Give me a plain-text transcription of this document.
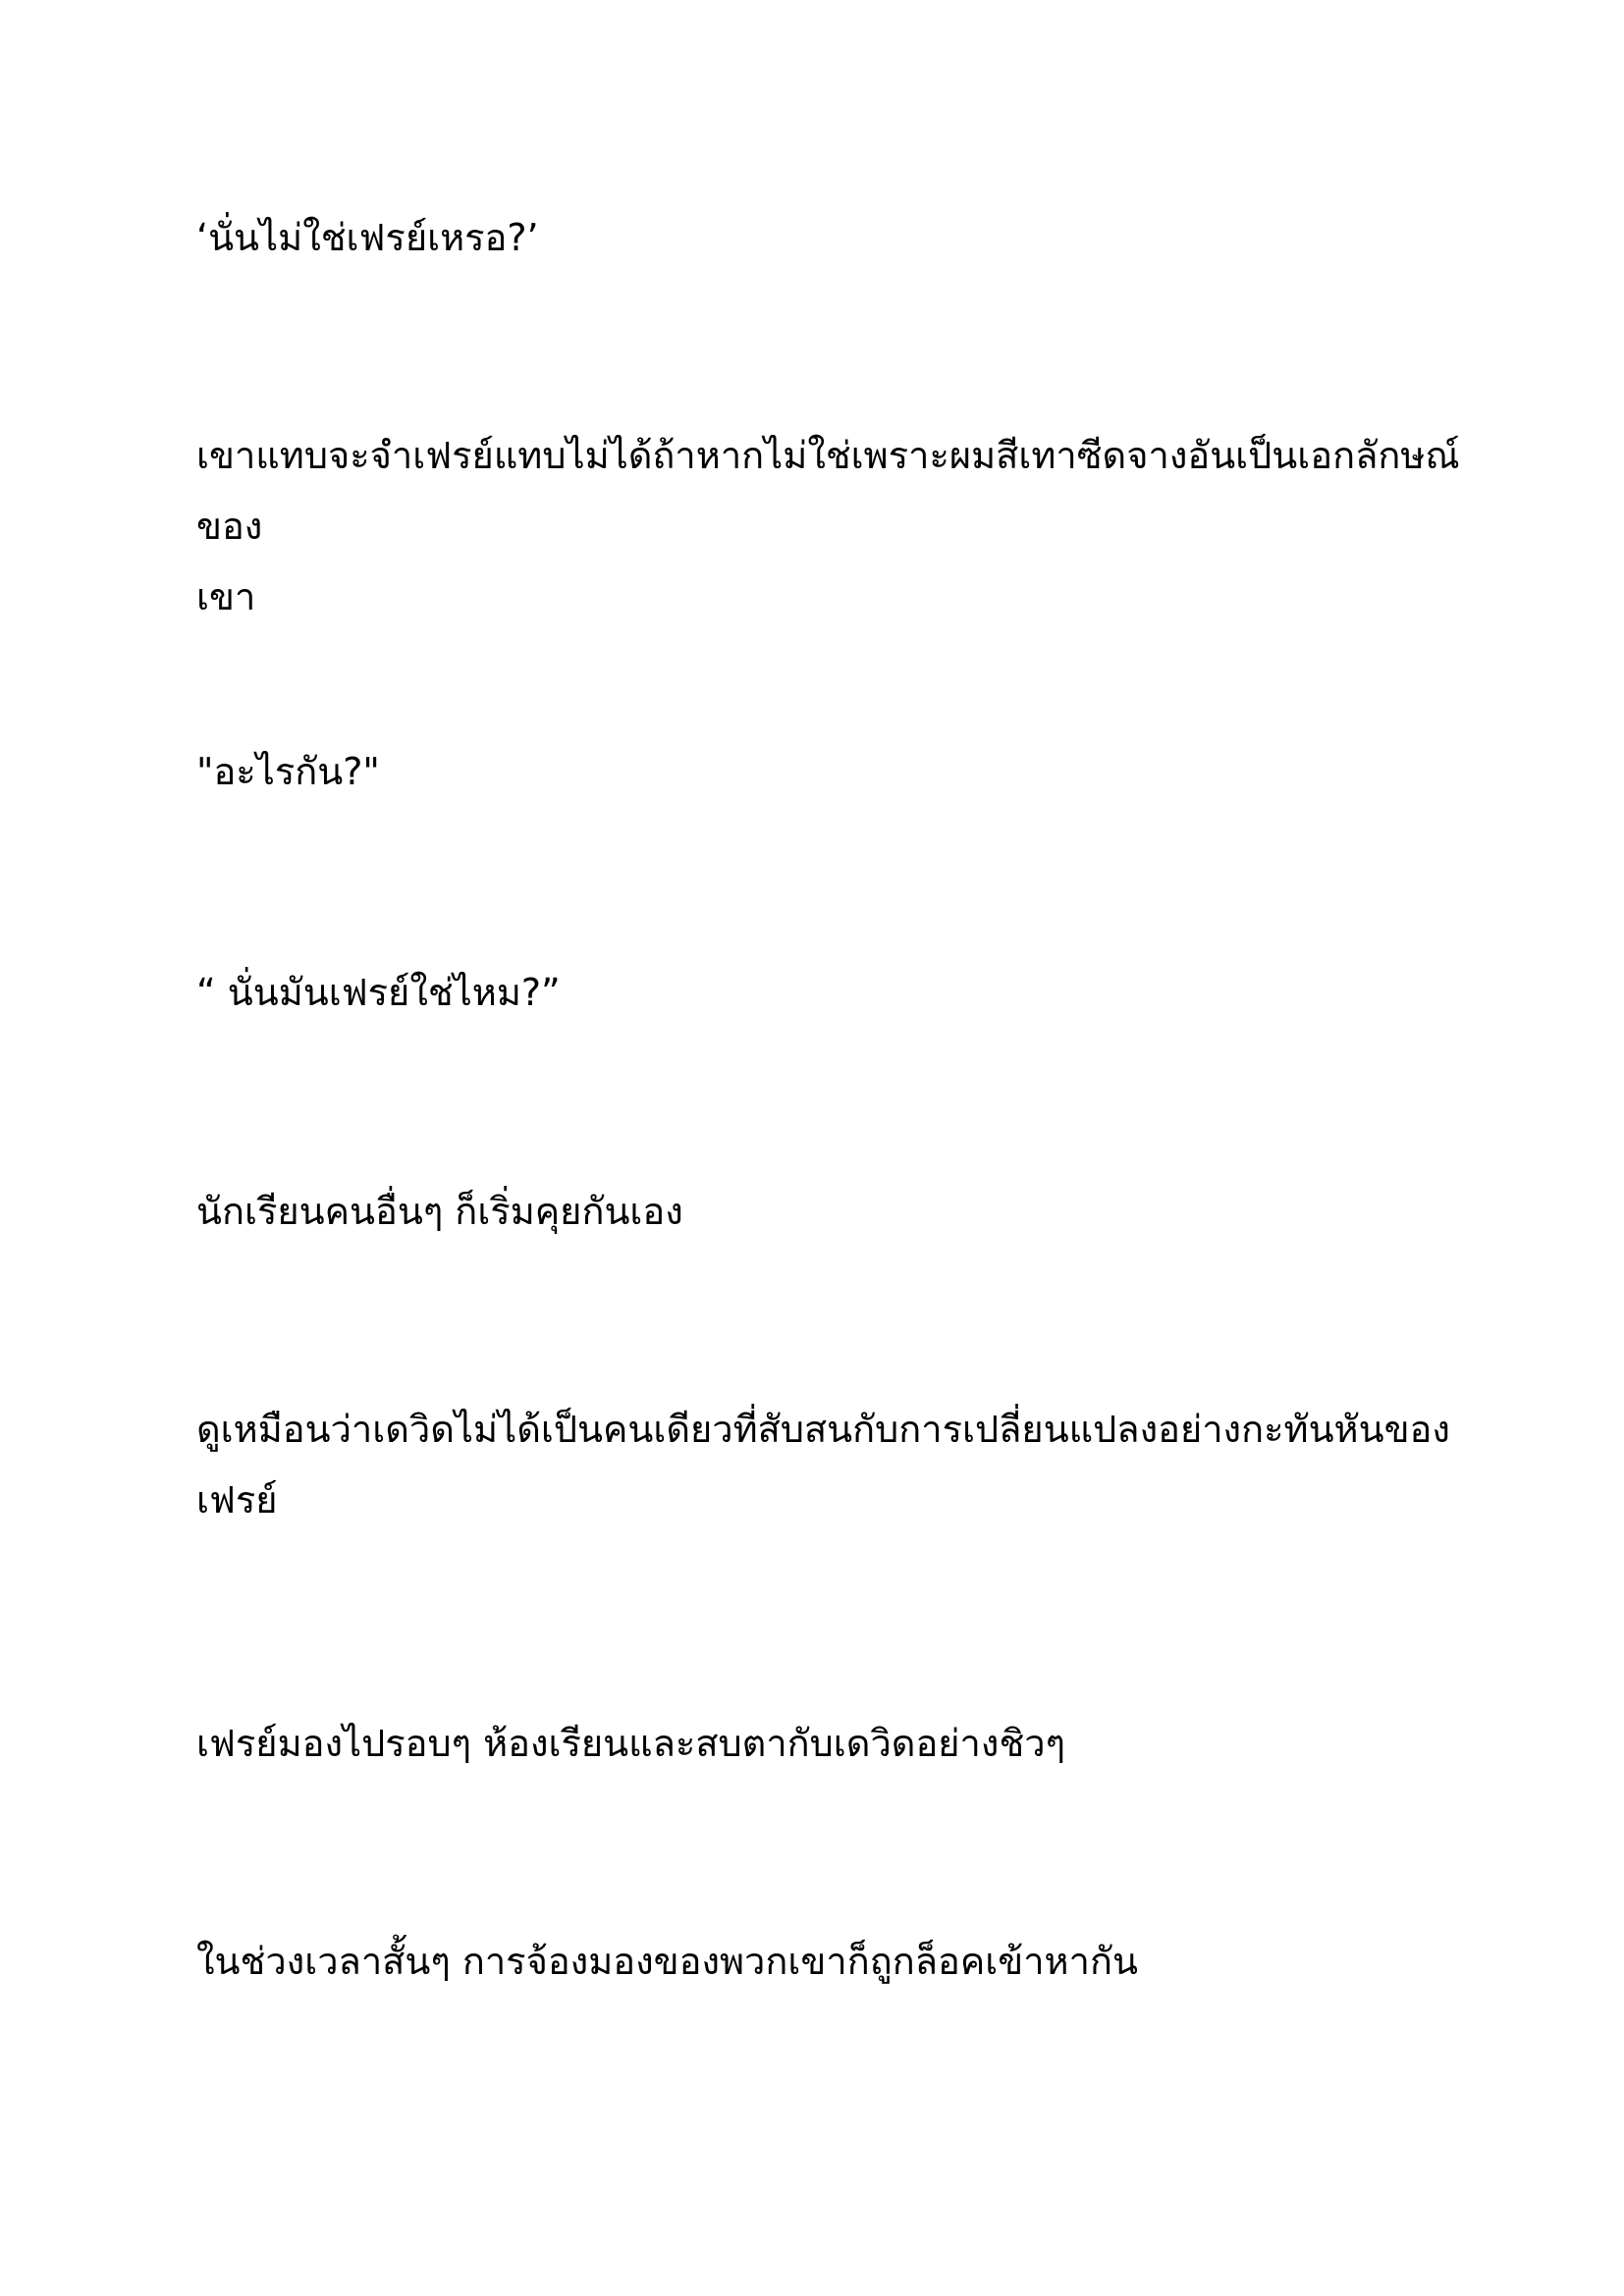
‘นั่นไม่ใช่เฟรย์เหรอ?’

เขาแทบจะจำเฟรย์แทบไม่ได้ถ้าหากไม่ใช่เพราะผมสีเทาซีดจางอันเป็นเอกลักษณ์ของ
เขา

"อะไรกัน?"

“ นั่นมันเฟรย์ใช่ไหม?”

นักเรียนคนอื่นๆ ก็เริ่มคุยกันเอง

ดูเหมือนว่าเดวิดไม่ได้เป็นคนเดียวที่สับสนกับการเปลี่ยนแปลงอย่างกะทันหันของ
เฟรย์

เฟรย์มองไปรอบๆ ห้องเรียนและสบตากับเดวิดอย่างชิวๆ

ในช่วงเวลาสั้นๆ การจ้องมองของพวกเขาก็ถูกล็อคเข้าหากัน
